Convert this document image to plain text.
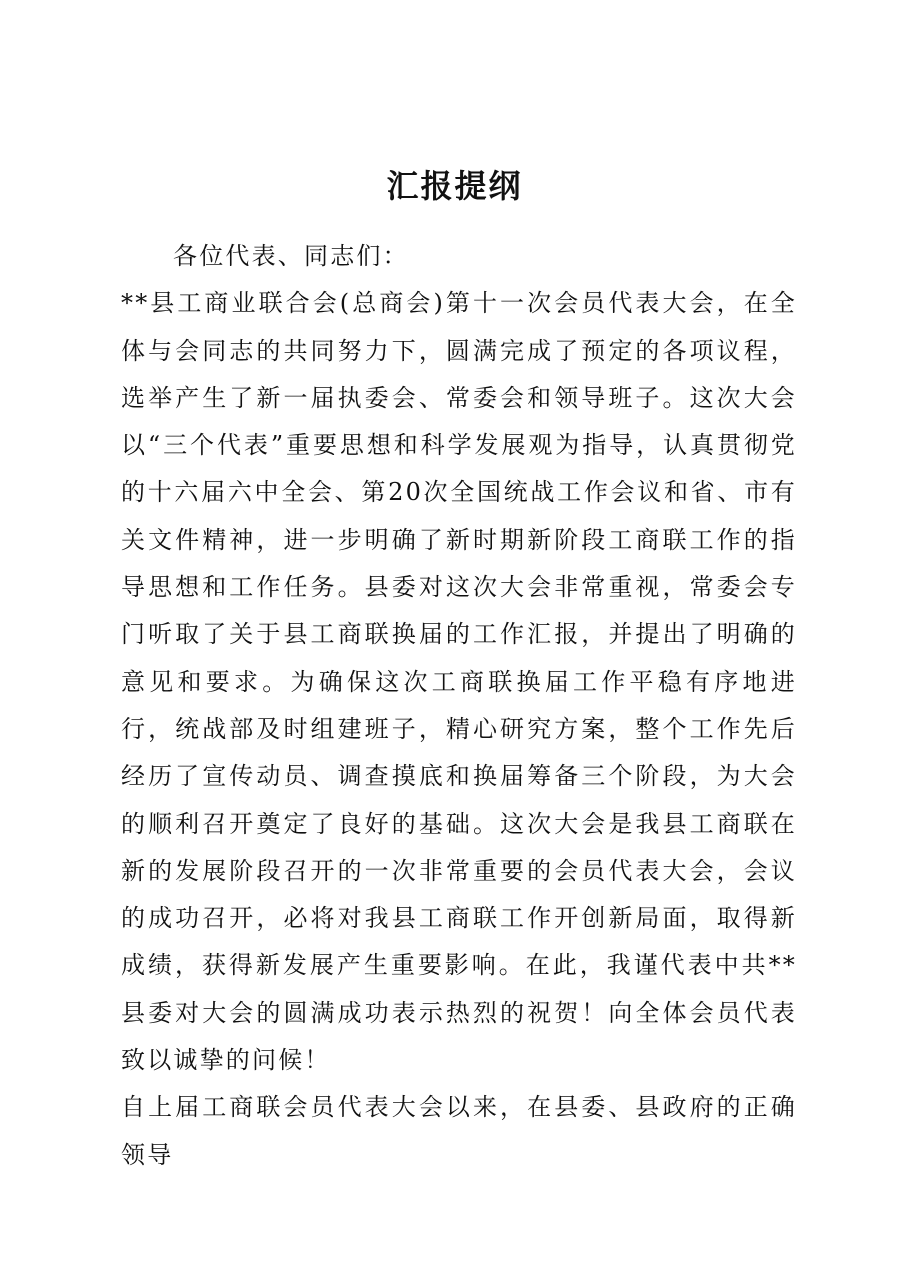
汇报提纲

各位代表、同志们：

**县工商业联合会(总商会)第十一次会员代表大会，在全体与会同志的共同努力下，圆满完成了预定的各项议程，选举产生了新一届执委会、常委会和领导班子。这次大会以“三个代表”重要思想和科学发展观为指导，认真贯彻党的十六届六中全会、第20次全国统战工作会议和省、市有关文件精神，进一步明确了新时期新阶段工商联工作的指导思想和工作任务。县委对这次大会非常重视，常委会专门听取了关于县工商联换届的工作汇报，并提出了明确的意见和要求。为确保这次工商联换届工作平稳有序地进行，统战部及时组建班子，精心研究方案，整个工作先后经历了宣传动员、调查摸底和换届筹备三个阶段，为大会的顺利召开奠定了良好的基础。这次大会是我县工商联在新的发展阶段召开的一次非常重要的会员代表大会，会议的成功召开，必将对我县工商联工作开创新局面，取得新成绩，获得新发展产生重要影响。在此，我谨代表中共**县委对大会的圆满成功表示热烈的祝贺！向全体会员代表致以诚挚的问候！

自上届工商联会员代表大会以来，在县委、县政府的正确领导
